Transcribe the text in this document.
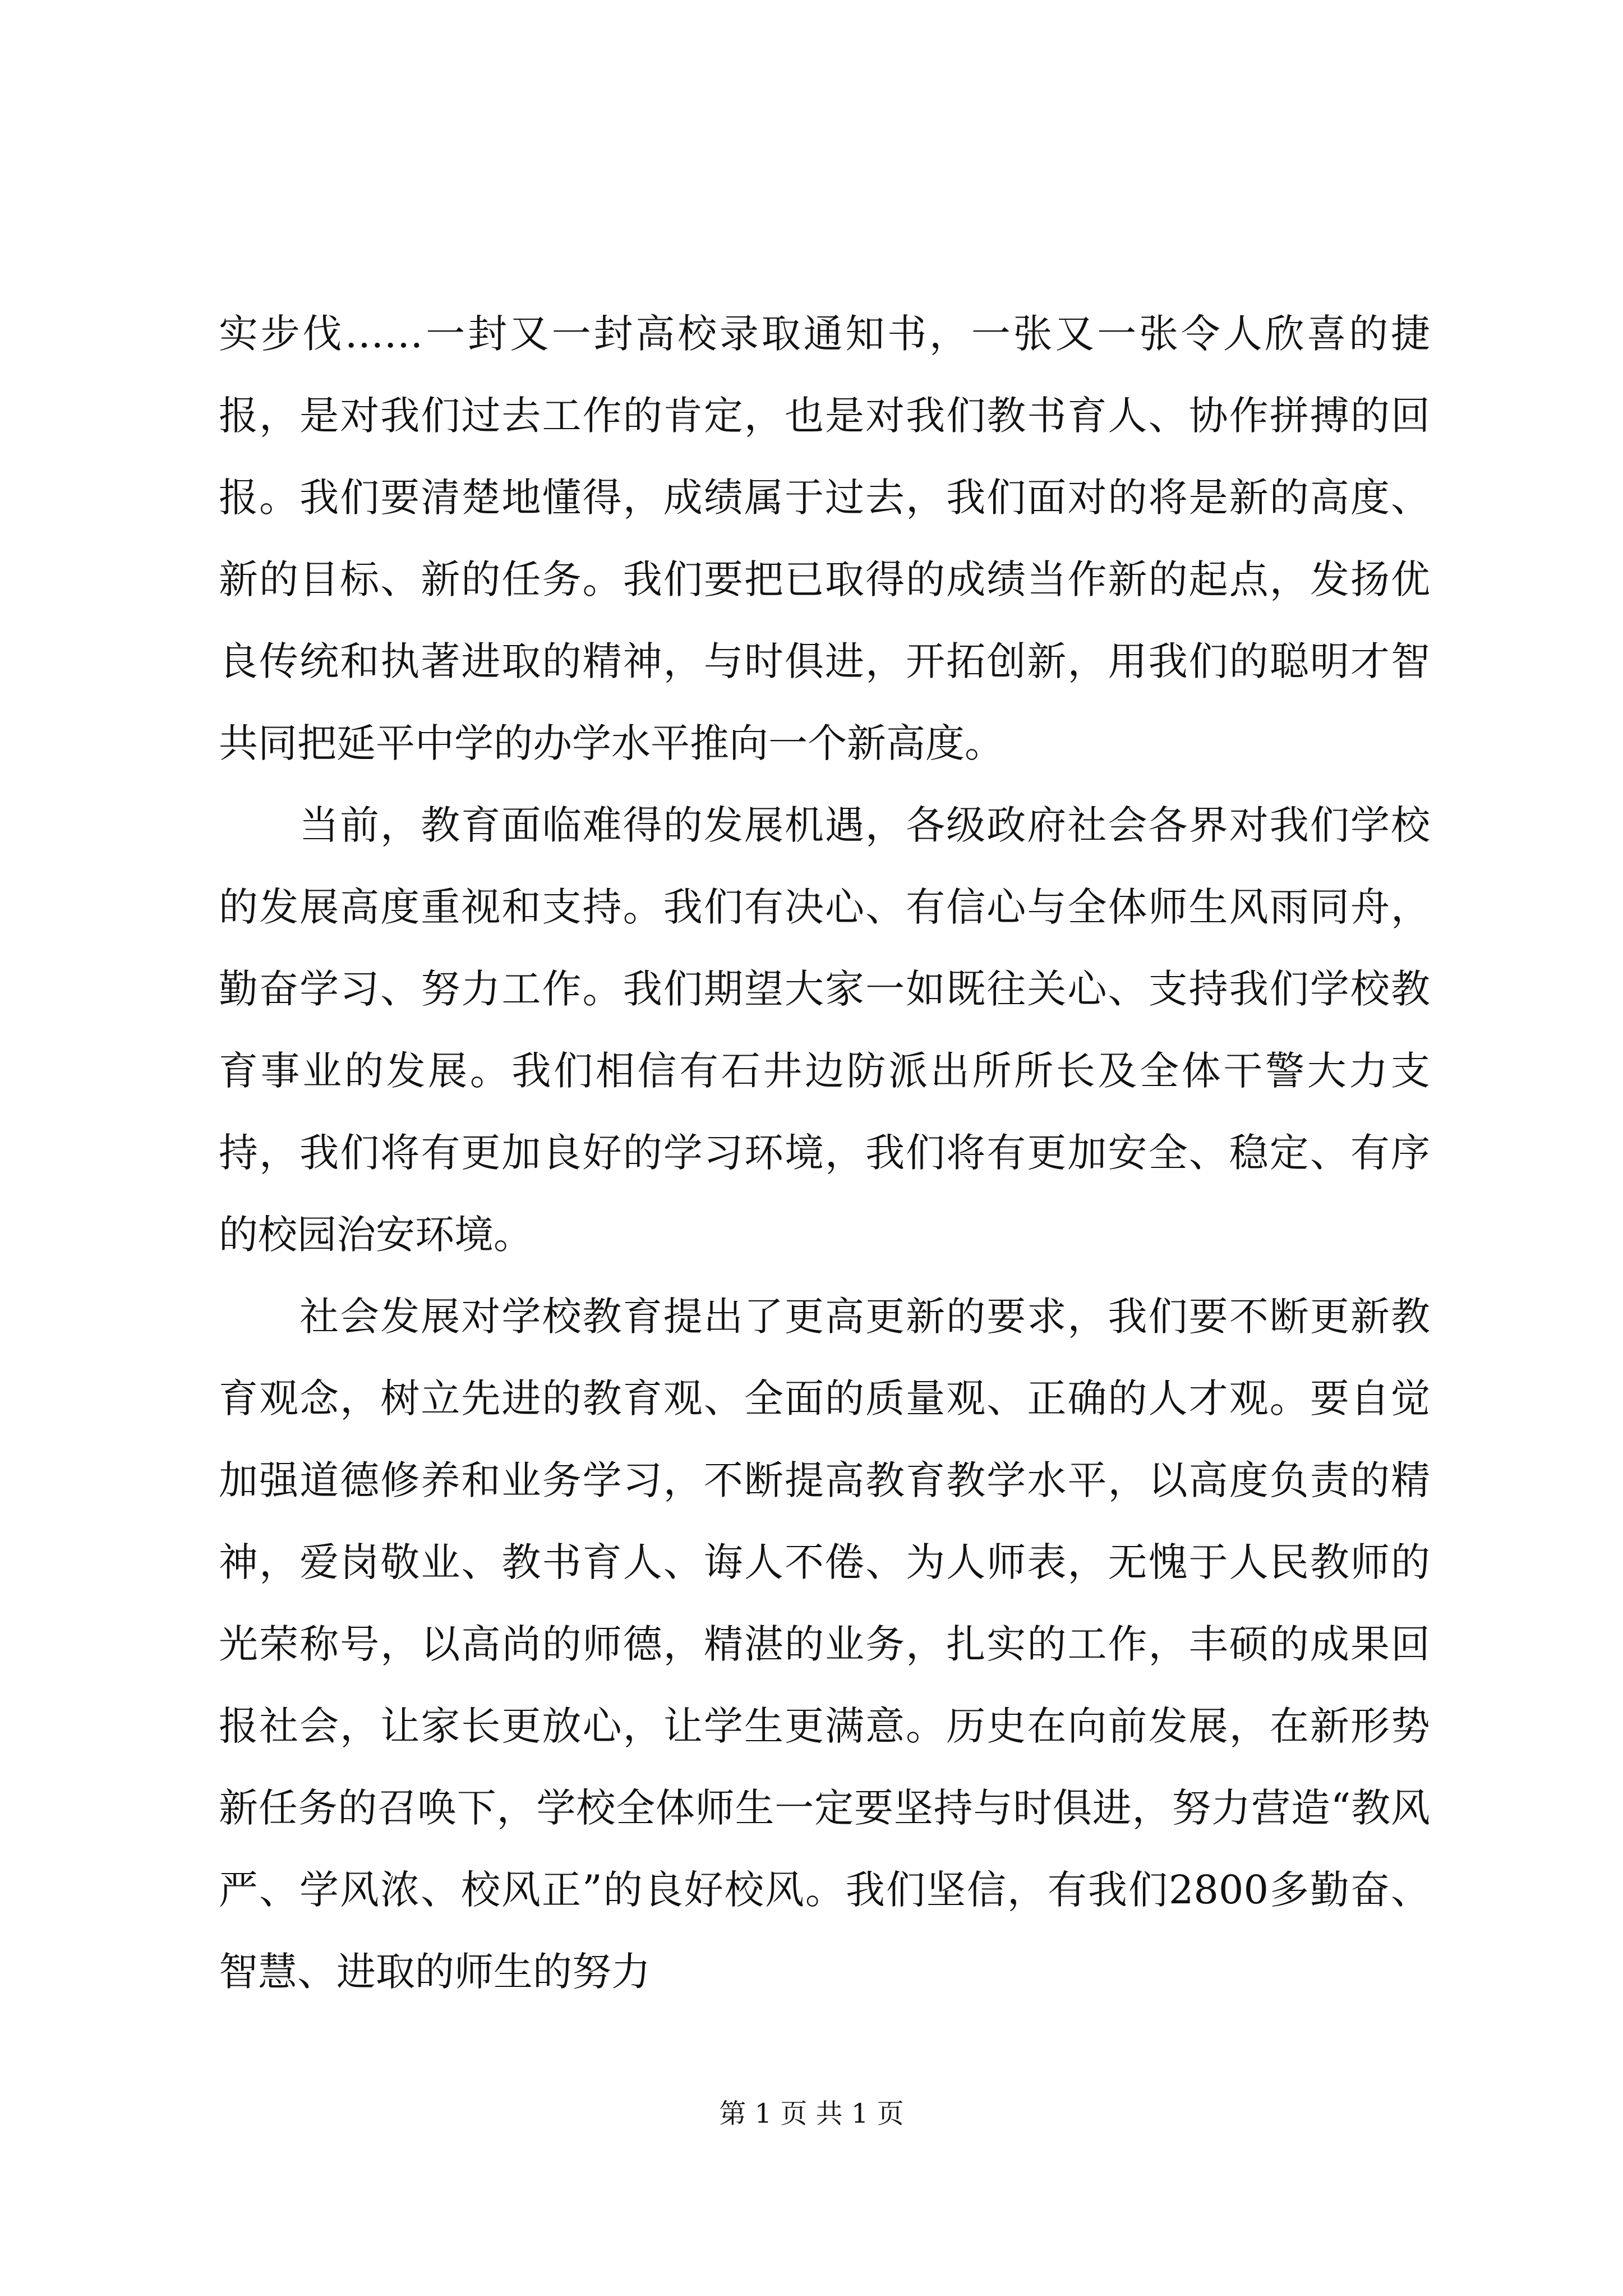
实步伐……一封又一封高校录取通知书，一张又一张令人欣喜的捷报，是对我们过去工作的肯定，也是对我们教书育人、协作拼搏的回报。我们要清楚地懂得，成绩属于过去，我们面对的将是新的高度、新的目标、新的任务。我们要把已取得的成绩当作新的起点，发扬优良传统和执著进取的精神，与时俱进，开拓创新，用我们的聪明才智共同把延平中学的办学水平推向一个新高度。

当前，教育面临难得的发展机遇，各级政府社会各界对我们学校的发展高度重视和支持。我们有决心、有信心与全体师生风雨同舟，勤奋学习、努力工作。我们期望大家一如既往关心、支持我们学校教育事业的发展。我们相信有石井边防派出所所长及全体干警大力支持，我们将有更加良好的学习环境，我们将有更加安全、稳定、有序的校园治安环境。

社会发展对学校教育提出了更高更新的要求，我们要不断更新教育观念，树立先进的教育观、全面的质量观、正确的人才观。要自觉加强道德修养和业务学习，不断提高教育教学水平，以高度负责的精神，爱岗敬业、教书育人、诲人不倦、为人师表，无愧于人民教师的光荣称号，以高尚的师德，精湛的业务，扎实的工作，丰硕的成果回报社会，让家长更放心，让学生更满意。历史在向前发展，在新形势新任务的召唤下，学校全体师生一定要坚持与时俱进，努力营造“教风严、学风浓、校风正”的良好校风。我们坚信，有我们2800多勤奋、智慧、进取的师生的努力

第 1 页 共 1 页
